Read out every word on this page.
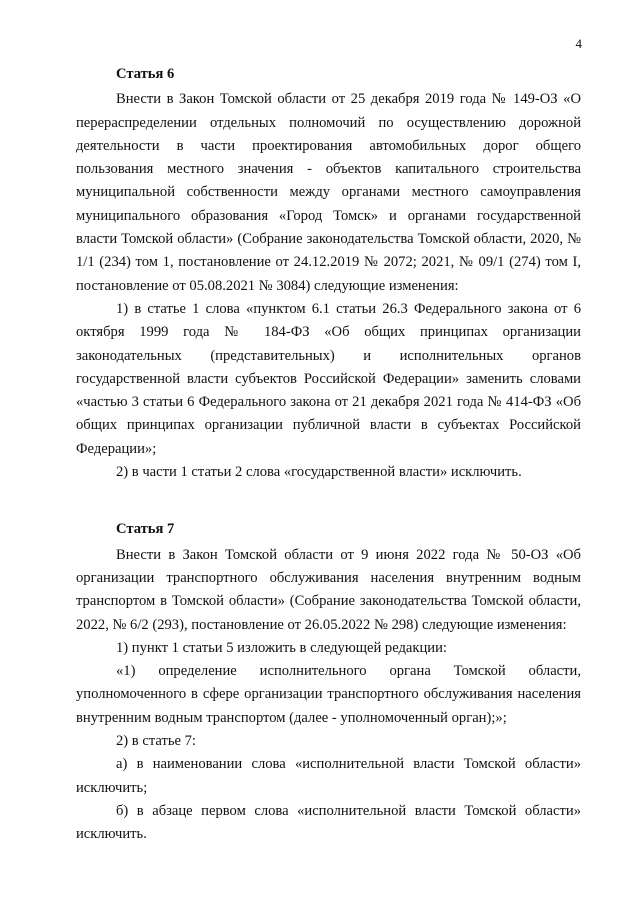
4
Статья 6

Внести в Закон Томской области от 25 декабря 2019 года № 149-ОЗ «О перераспределении отдельных полномочий по осуществлению дорожной деятельности в части проектирования автомобильных дорог общего пользования местного значения - объектов капитального строительства муниципальной собственности между органами местного самоуправления муниципального образования «Город Томск» и органами государственной власти Томской области» (Собрание законодательства Томской области, 2020, № 1/1 (234) том 1, постановление от 24.12.2019 № 2072; 2021, № 09/1 (274) том I, постановление от 05.08.2021 № 3084) следующие изменения:

1) в статье 1 слова «пунктом 6.1 статьи 26.3 Федерального закона от 6 октября 1999 года № 184-ФЗ «Об общих принципах организации законодательных (представительных) и исполнительных органов государственной власти субъектов Российской Федерации» заменить словами «частью 3 статьи 6 Федерального закона от 21 декабря 2021 года № 414-ФЗ «Об общих принципах организации публичной власти в субъектах Российской Федерации»;

2) в части 1 статьи 2 слова «государственной власти» исключить.

Статья 7

Внести в Закон Томской области от 9 июня 2022 года № 50-ОЗ «Об организации транспортного обслуживания населения внутренним водным транспортом в Томской области» (Собрание законодательства Томской области, 2022, № 6/2 (293), постановление от 26.05.2022 № 298) следующие изменения:

1) пункт 1 статьи 5 изложить в следующей редакции:

«1) определение исполнительного органа Томской области, уполномоченного в сфере организации транспортного обслуживания населения внутренним водным транспортом (далее - уполномоченный орган);»;

2) в статье 7:

а) в наименовании слова «исполнительной власти Томской области» исключить;

б) в абзаце первом слова «исполнительной власти Томской области» исключить.
